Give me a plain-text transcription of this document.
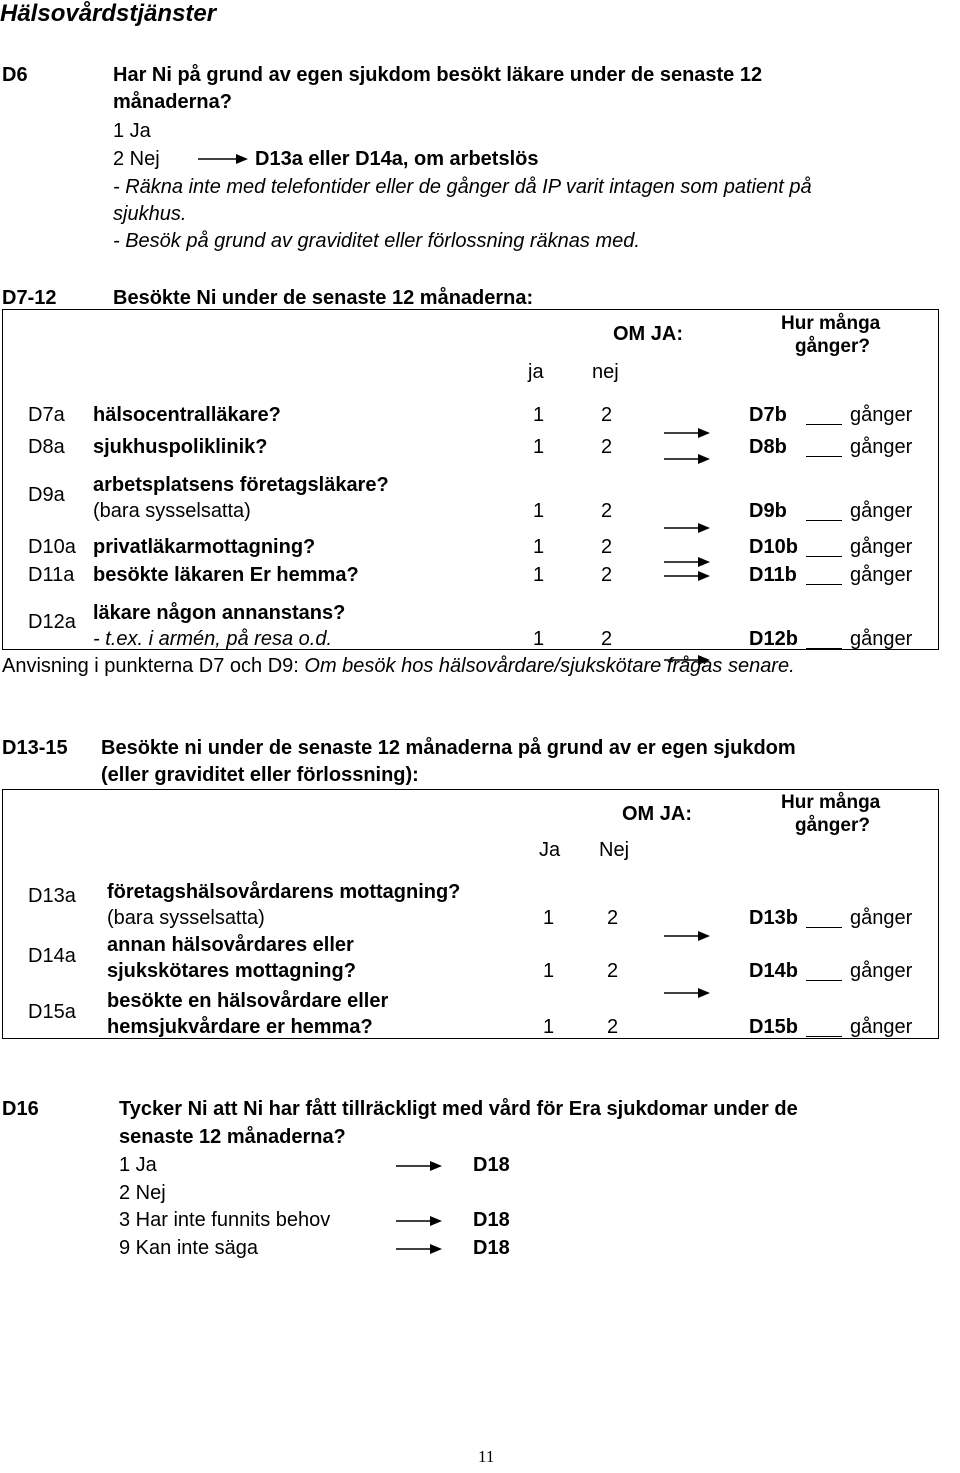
Hälsovårdstjänster
D6	Har Ni på grund av egen sjukdom besökt läkare under de senaste 12
månaderna?
1 Ja
2 Nej	D13a eller D14a, om arbetslös
- Räkna inte med telefontider eller de gånger då IP varit intagen som patient på
sjukhus.
- Besök på grund av graviditet eller förlossning räknas med.
D7-12	Besökte Ni under de senaste 12 månaderna:
OM JA:	Hur många
gånger?
ja nej
D7a hälsocentralläkare?	1	2	D7b	gånger
D8a sjukhuspoliklinik?	1	2	D8b	gånger
D9a arbetsplatsens företagsläkare?
(bara sysselsatta)	1	2	D9b	gånger
D10a privatläkarmottagning?	1	2	D10b	gånger
D11a besökte läkaren Er hemma?	1	2	D11b	gånger
D12a läkare någon annanstans?
- t.ex. i armén, på resa o.d.	1	2	D12b	gånger
Anvisning i punkterna D7 och D9: Om besök hos hälsovårdare/sjukskötare frågas senare.
D13-15 Besökte ni under de senaste 12 månaderna på grund av er egen sjukdom
(eller graviditet eller förlossning):
OM JA:
Hur många
gånger?
Ja Nej
D13a företagshälsovårdarens mottagning?
(bara sysselsatta)	1	2	D13b	gånger
D14a annan hälsovårdares eller
sjukskötares mottagning?	1	2	D14b	gånger
D15a besökte en hälsovårdare eller
hemsjukvårdare er hemma?	1	2	D15b	gånger
D16	Tycker Ni att Ni har fått tillräckligt med vård för Era sjukdomar under de
senaste 12 månaderna?
1 Ja	D18
2 Nej
3 Har inte funnits behov	D18
9 Kan inte säga	D18
11
